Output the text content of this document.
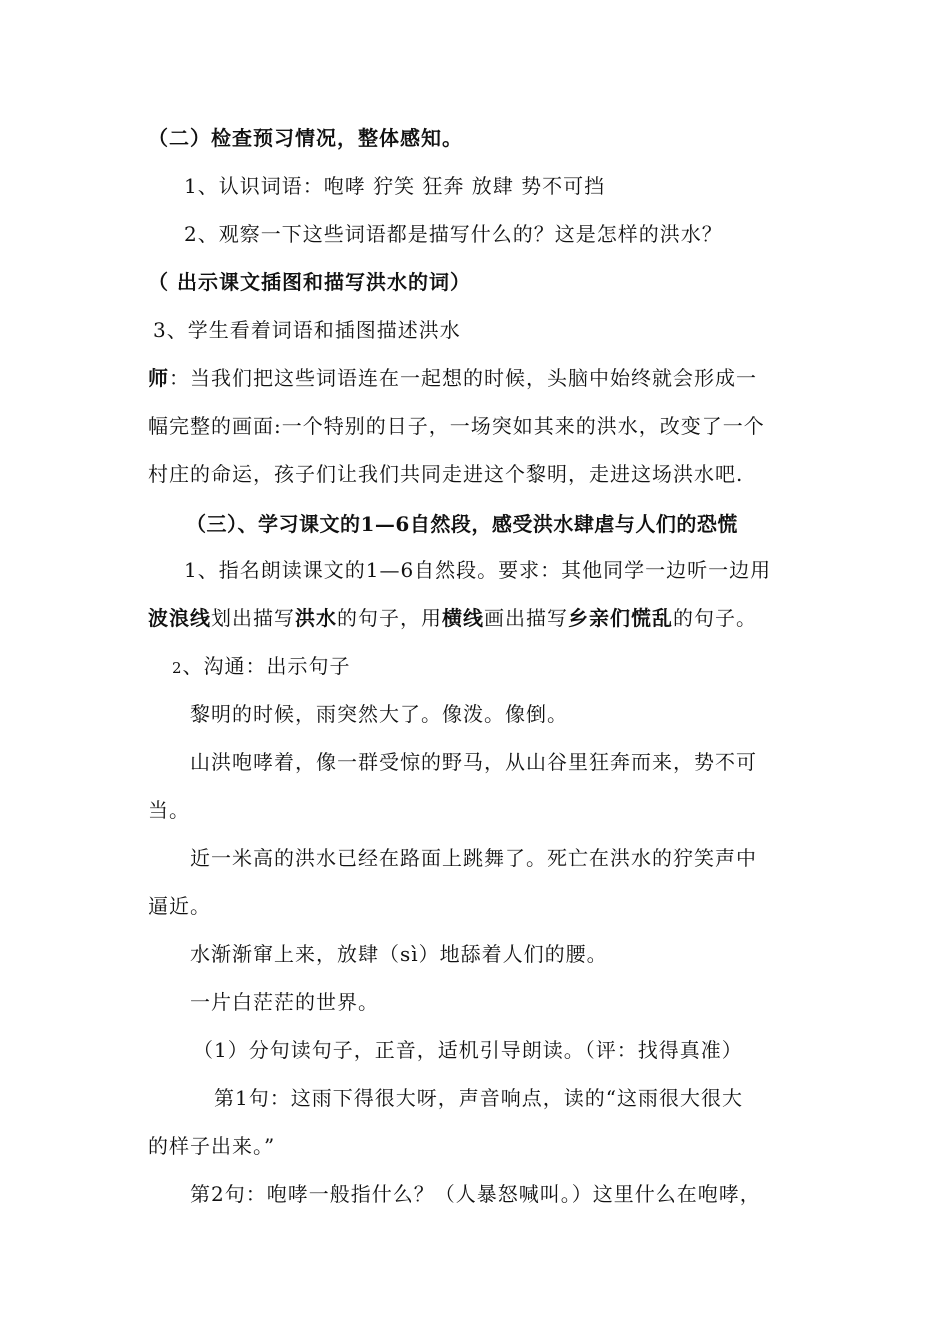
（二）检查预习情况，整体感知。
1、认识词语：咆哮 狞笑 狂奔 放肆 势不可挡
2、观察一下这些词语都是描写什么的？这是怎样的洪水？
（ 出示课文插图和描写洪水的词）
3、学生看着词语和插图描述洪水
师：当我们把这些词语连在一起想的时候，头脑中始终就会形成一
幅完整的画面:一个特别的日子，一场突如其来的洪水，改变了一个
村庄的命运，孩子们让我们共同走进这个黎明，走进这场洪水吧.
（三）、学习课文的1—6自然段，感受洪水肆虐与人们的恐慌
1、指名朗读课文的1—6自然段。要求：其他同学一边听一边用
波浪线划出描写洪水的句子，用横线画出描写乡亲们慌乱的句子。
2、沟通：出示句子
黎明的时候，雨突然大了。像泼。像倒。
山洪咆哮着，像一群受惊的野马，从山谷里狂奔而来，势不可
当。
近一米高的洪水已经在路面上跳舞了。死亡在洪水的狞笑声中
逼近。
水渐渐窜上来，放肆（sì）地舔着人们的腰。
一片白茫茫的世界。
（1）分句读句子，正音，适机引导朗读。（评：找得真准）
第1句：这雨下得很大呀，声音响点，读的“这雨很大很大
的样子出来。”
第2句：咆哮一般指什么？（人暴怒喊叫。）这里什么在咆哮，
